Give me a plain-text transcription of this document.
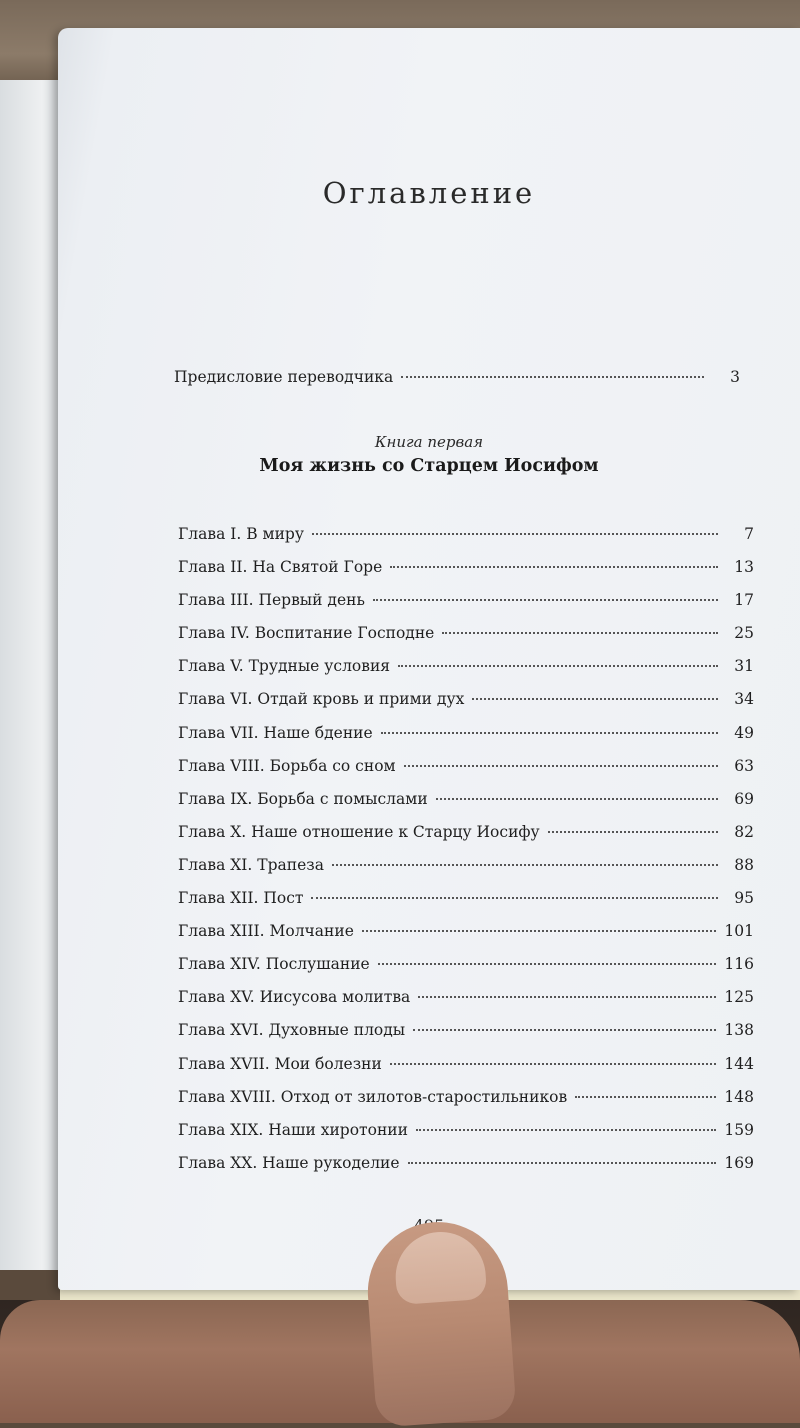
Оглавление
Предисловие переводчика	3
Книга первая
Моя жизнь со Старцем Иосифом
Глава I. В миру	7
Глава II. На Святой Горе	13
Глава III. Первый день	17
Глава IV. Воспитание Господне	25
Глава V. Трудные условия	31
Глава VI. Отдай кровь и прими дух	34
Глава VII. Наше бдение	49
Глава VIII. Борьба со сном	63
Глава IX. Борьба с помыслами	69
Глава X. Наше отношение к Старцу Иосифу	82
Глава XI. Трапеза	88
Глава XII. Пост	95
Глава XIII. Молчание	101
Глава XIV. Послушание	116
Глава XV. Иисусова молитва	125
Глава XVI. Духовные плоды	138
Глава XVII. Мои болезни	144
Глава XVIII. Отход от зилотов-старостильников	148
Глава XIX. Наши хиротонии	159
Глава XX. Наше рукоделие	169
